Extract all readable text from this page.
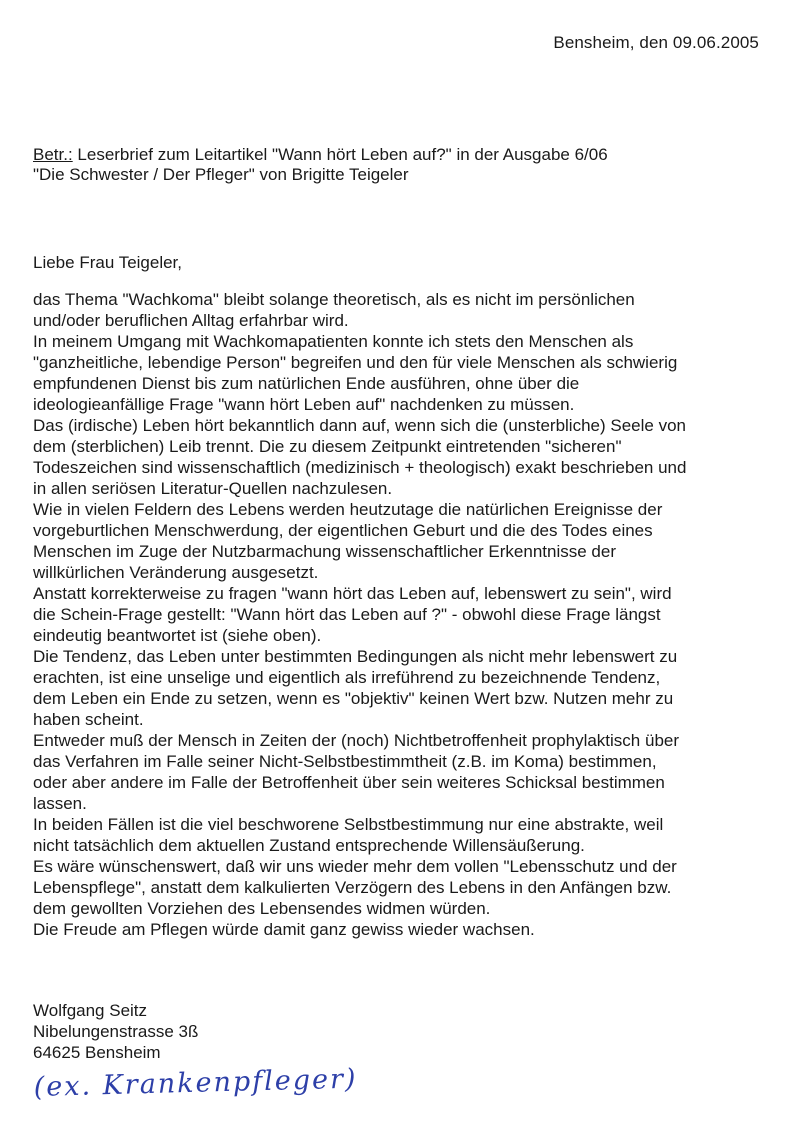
Bensheim, den 09.06.2005
Betr.: Leserbrief zum Leitartikel "Wann hört Leben auf?" in der Ausgabe 6/06
"Die Schwester / Der Pfleger" von Brigitte Teigeler
Liebe Frau Teigeler,
das Thema "Wachkoma" bleibt solange theoretisch, als es nicht im persönlichen
und/oder beruflichen Alltag erfahrbar wird.
In meinem Umgang mit Wachkomapatienten konnte ich stets den Menschen als
"ganzheitliche, lebendige Person" begreifen und den für viele Menschen als schwierig
empfundenen Dienst bis zum natürlichen Ende ausführen, ohne über die
ideologieanfällige Frage "wann hört Leben auf" nachdenken zu müssen.
Das (irdische) Leben hört bekanntlich dann auf, wenn sich die (unsterbliche) Seele von
dem (sterblichen) Leib trennt. Die zu diesem Zeitpunkt eintretenden "sicheren"
Todeszeichen sind wissenschaftlich (medizinisch + theologisch) exakt beschrieben und
in allen seriösen Literatur-Quellen nachzulesen.
Wie in vielen Feldern des Lebens werden heutzutage die natürlichen Ereignisse der
vorgeburtlichen Menschwerdung, der eigentlichen Geburt und die des Todes eines
Menschen im Zuge der Nutzbarmachung wissenschaftlicher Erkenntnisse der
willkürlichen Veränderung ausgesetzt.
Anstatt korrekterweise zu fragen "wann hört das Leben auf, lebenswert zu sein", wird
die Schein-Frage gestellt: "Wann hört das Leben auf ?" - obwohl diese Frage längst
eindeutig beantwortet ist (siehe oben).
Die Tendenz, das Leben unter bestimmten Bedingungen als nicht mehr lebenswert zu
erachten, ist eine unselige und eigentlich als irreführend zu bezeichnende Tendenz,
dem Leben ein Ende zu setzen, wenn es "objektiv" keinen Wert bzw. Nutzen mehr zu
haben scheint.
Entweder muß der Mensch in Zeiten der (noch) Nichtbetroffenheit prophylaktisch über
das Verfahren im Falle seiner Nicht-Selbstbestimmtheit (z.B. im Koma) bestimmen,
oder aber andere im Falle der Betroffenheit über sein weiteres Schicksal bestimmen
lassen.
In beiden Fällen ist die viel beschworene Selbstbestimmung nur eine abstrakte, weil
nicht tatsächlich dem aktuellen Zustand entsprechende Willensäußerung.
Es wäre wünschenswert, daß wir uns wieder mehr dem vollen "Lebensschutz und der
Lebenspflege", anstatt dem kalkulierten Verzögern des Lebens in den Anfängen bzw.
dem gewollten Vorziehen des Lebensendes widmen würden.
Die Freude am Pflegen würde damit ganz gewiss wieder wachsen.
Wolfgang Seitz
Nibelungenstrasse 3ß
64625 Bensheim
(ex. Krankenpfleger)
